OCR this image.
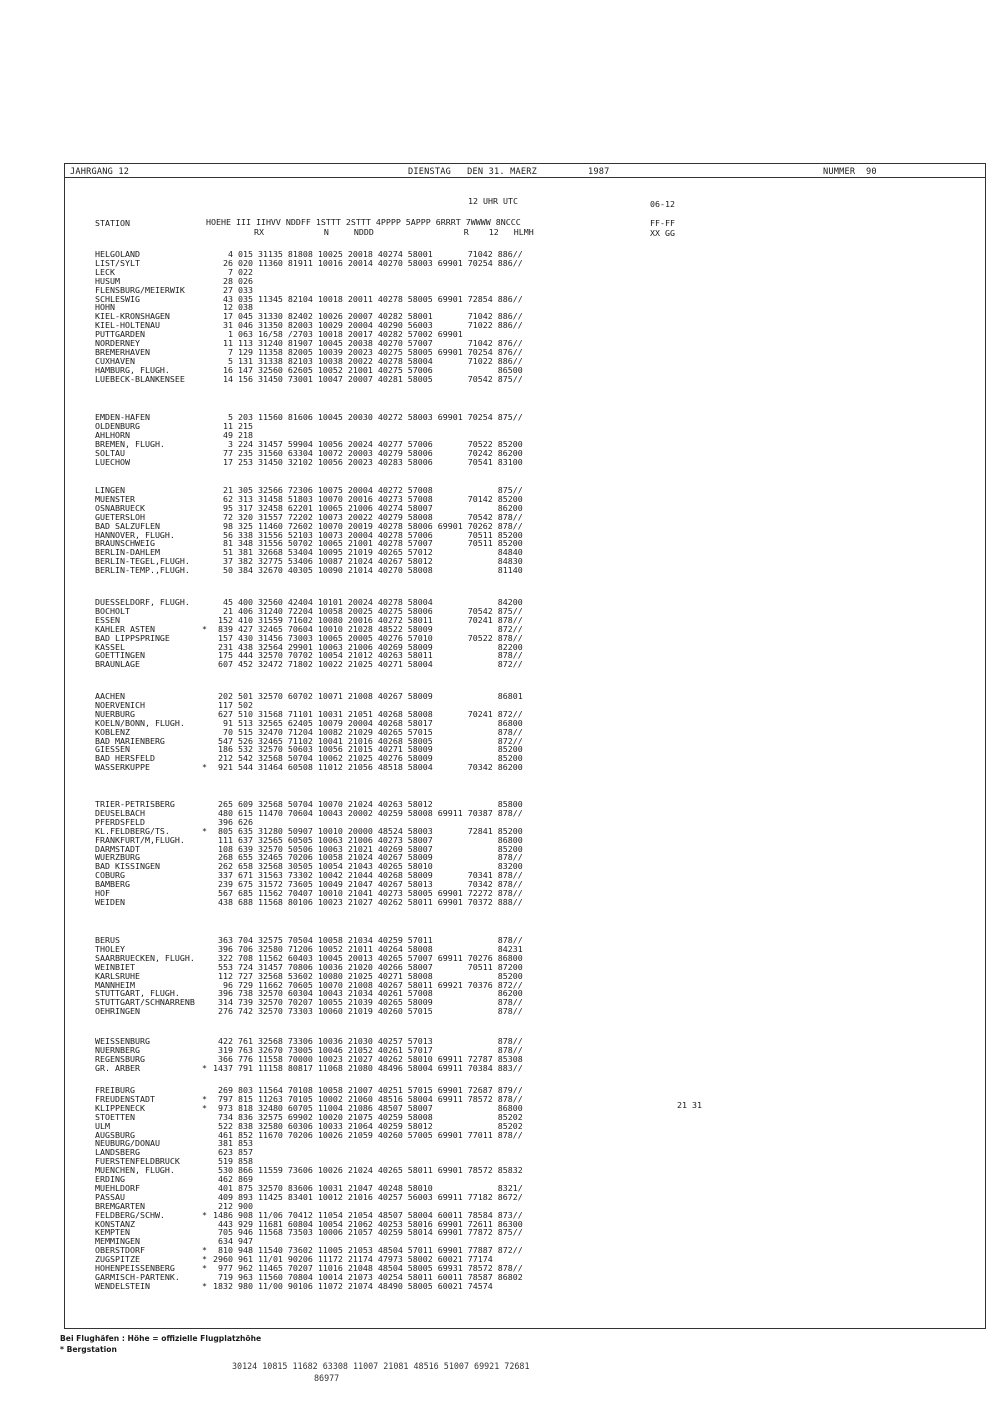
JAHRGANG 12	DIENSTAG   DEN 31. MAERZ	1987	NUMMER  90
12 UHR UTC	06-12
STATION	HOEHE III IIHVV NDDFF 1STTT 2STTT 4PPPP 5APPP 6RRRT 7WWWW 8NCCC
RX            N     NDDD                  R    12   HLMH
FF-FF
XX GG
HELGOLAND	4 015 31135 81808 10025 20018 40274 58001       71042 886//
LIST/SYLT	26 020 11360 81911 10016 20014 40270 58003 69901 70254 886//
LECK	7 022
HUSUM	28 026
FLENSBURG/MEIERWIK	27 033
SCHLESWIG	43 035 11345 82104 10018 20011 40278 58005 69901 72854 886//
HOHN	12 038
KIEL-KRONSHAGEN	17 045 31330 82402 10026 20007 40282 58001       71042 886//
KIEL-HOLTENAU	31 046 31350 82003 10029 20004 40290 56003       71022 886//
PUTTGARDEN	1 063 16/58 /2703 10018 20017 40282 57002 69901
NORDERNEY	11 113 31240 81907 10045 20038 40270 57007       71042 876//
BREMERHAVEN	7 129 11358 82005 10039 20023 40275 58005 69901 70254 876//
CUXHAVEN	5 131 31338 82103 10038 20022 40278 58004       71022 886//
HAMBURG, FLUGH.	16 147 32560 62605 10052 21001 40275 57006             86500
LUEBECK-BLANKENSEE	14 156 31450 73001 10047 20007 40281 58005       70542 875//
EMDEN-HAFEN	5 203 11560 81606 10045 20030 40272 58003 69901 70254 875//
OLDENBURG	11 215
AHLHORN	49 218
BREMEN, FLUGH.	3 224 31457 59904 10056 20024 40277 57006       70522 85200
SOLTAU	77 235 31560 63304 10072 20003 40279 58006       70242 86200
LUECHOW	17 253 31450 32102 10056 20023 40283 58006       70541 83100
LINGEN	21 305 32566 72306 10075 20004 40272 57008             875//
MUENSTER	62 313 31458 51803 10070 20016 40273 57008       70142 85200
OSNABRUECK	95 317 32458 62201 10065 21006 40274 58007             86200
GUETERSLOH	72 320 31557 72202 10073 20022 40279 58008       70542 878//
BAD SALZUFLEN	98 325 11460 72602 10070 20019 40278 58006 69901 70262 878//
HANNOVER, FLUGH.	56 338 31556 52103 10073 20004 40278 57006       70511 85200
BRAUNSCHWEIG	81 348 31556 50702 10065 21001 40278 57007       70511 85200
BERLIN-DAHLEM	51 381 32668 53404 10095 21019 40265 57012             84840
BERLIN-TEGEL,FLUGH.	37 382 32775 53406 10087 21024 40267 58012             84830
BERLIN-TEMP.,FLUGH.	50 384 32670 40305 10090 21014 40270 58008             81140
DUESSELDORF, FLUGH.	45 400 32560 42404 10101 20024 40278 58004             84200
BOCHOLT	21 406 31240 72204 10058 20025 40275 58006       70542 875//
ESSEN	152 410 31559 71602 10080 20016 40272 58011       70241 878//
KAHLER ASTEN	* 839 427 32465 70604 10010 21028 48522 58009             872//
BAD LIPPSPRINGE	157 430 31456 73003 10065 20005 40276 57010       70522 878//
KASSEL	231 438 32564 29901 10063 21006 40269 58009             82200
GOETTINGEN	175 444 32570 70702 10054 21012 40263 58011             878//
BRAUNLAGE	607 452 32472 71802 10022 21025 40271 58004             872//
AACHEN	202 501 32570 60702 10071 21008 40267 58009             86801
NOERVENICH	117 502
NUERBURG	627 510 31568 71101 10031 21051 40268 58008       70241 872//
KOELN/BONN, FLUGH.	91 513 32565 62405 10079 20004 40268 58017             86800
KOBLENZ	70 515 32470 71204 10082 21029 40265 57015             878//
BAD MARIENBERG	547 526 32465 71102 10041 21016 40268 58005             872//
GIESSEN	186 532 32570 50603 10056 21015 40271 58009             85200
BAD HERSFELD	212 542 32568 50704 10062 21025 40276 58009             85200
WASSERKUPPE	* 921 544 31464 60508 11012 21056 48518 58004       70342 86200
TRIER-PETRISBERG	265 609 32568 50704 10070 21024 40263 58012             85800
DEUSELBACH	480 615 11470 70604 10043 20002 40259 58008 69911 70387 878//
PFERDSFELD	396 626
KL.FELDBERG/TS.	* 805 635 31280 50907 10010 20000 48524 58003       72841 85200
FRANKFURT/M,FLUGH.	111 637 32565 60505 10063 21006 40273 58007             86800
DARMSTADT	108 639 32570 50506 10063 21021 40269 58007             85200
WUERZBURG	268 655 32465 70206 10058 21024 40267 58009             878//
BAD KISSINGEN	262 658 32568 30505 10054 21043 40265 58010             83200
COBURG	337 671 31563 73302 10042 21044 40268 58009       70341 878//
BAMBERG	239 675 31572 73605 10049 21047 40267 58013       70342 878//
HOF	567 685 11562 70407 10010 21041 40273 58005 69901 72272 878//
WEIDEN	438 688 11568 80106 10023 21027 40262 58011 69901 70372 888//
BERUS	363 704 32575 70504 10058 21034 40259 57011             878//
THOLEY	396 706 32580 71206 10052 21011 40264 58008             84231
SAARBRUECKEN, FLUGH. 322 708 11562 60403 10045 20013 40265 57007 69911 70276 86800
WEINBIET	553 724 31457 70806 10036 21020 40266 58007       70511 87200
KARLSRUHE	112 727 32568 53602 10080 21025 40271 58008             85200
MANNHEIM	96 729 11662 70605 10070 21008 40267 58011 69921 70376 872//
STUTTGART, FLUGH.	396 738 32570 60304 10043 21034 40261 57008             86200
STUTTGART/SCHNARRENB 314 739 32570 70207 10055 21039 40265 58009             878//
OEHRINGEN	276 742 32570 73303 10060 21019 40260 57015             878//
WEISSENBURG	422 761 32568 73306 10036 21030 40257 57013             878//
NUERNBERG	319 763 32670 73005 10046 21052 40261 57017             878//
REGENSBURG	366 776 11558 70000 10023 21027 40262 58010 69911 72787 85308
GR. ARBER	* 1437 791 11158 80817 11068 21080 48496 58004 69911 70384 883//
FREIBURG	269 803 11564 70108 10058 21007 40251 57015 69901 72687 879//
FREUDENSTADT	* 797 815 11263 70105 10002 21060 48516 58004 69911 78572 878//
KLIPPENECK	* 973 818 32480 60705 11004 21086 48507 58007             86800
STOETTEN	734 836 32575 69902 10020 21075 40259 58008             85202
ULM	522 838 32580 60306 10033 21064 40259 58012             85202
AUGSBURG	461 852 11670 70206 10026 21059 40260 57005 69901 77011 878//
NEUBURG/DONAU	381 853
LANDSBERG	623 857
FUERSTENFELDBRUCK	519 858
MUENCHEN, FLUGH.	530 866 11559 73606 10026 21024 40265 58011 69901 78572 85832
ERDING	462 869
MUEHLDORF	401 875 32570 83606 10031 21047 40248 58010             8321/
PASSAU	409 893 11425 83401 10012 21016 40257 56003 69911 77182 8672/
BREMGARTEN	212 900
FELDBERG/SCHW.	* 1486 908 11/06 70412 11054 21054 48507 58004 60011 78584 873//
KONSTANZ	443 929 11681 60804 10054 21062 40253 58016 69901 72611 86300
KEMPTEN	705 946 11568 73503 10006 21057 40259 58014 69901 77872 875//
MEMMINGEN	634 947
OBERSTDORF	* 810 948 11540 73602 11005 21053 48504 57011 69901 77887 872//
ZUGSPITZE	* 2960 961 11/01 90206 11172 21174 47973 58002 60021 77174
HOHENPEISSENBERG	* 977 962 11465 70207 11016 21048 48504 58005 69931 78572 878//
GARMISCH-PARTENK.	719 963 11560 70804 10014 21073 40254 58011 60011 78587 86802
WENDELSTEIN	* 1832 980 11/00 90106 11072 21074 48490 58005 60021 74574
21 31
Bei Flughäfen : Höhe = offizielle Flugplatzhöhe
* Bergstation
30124 10815 11682 63308 11007 21081 48516 51007 69921 72681
86977
